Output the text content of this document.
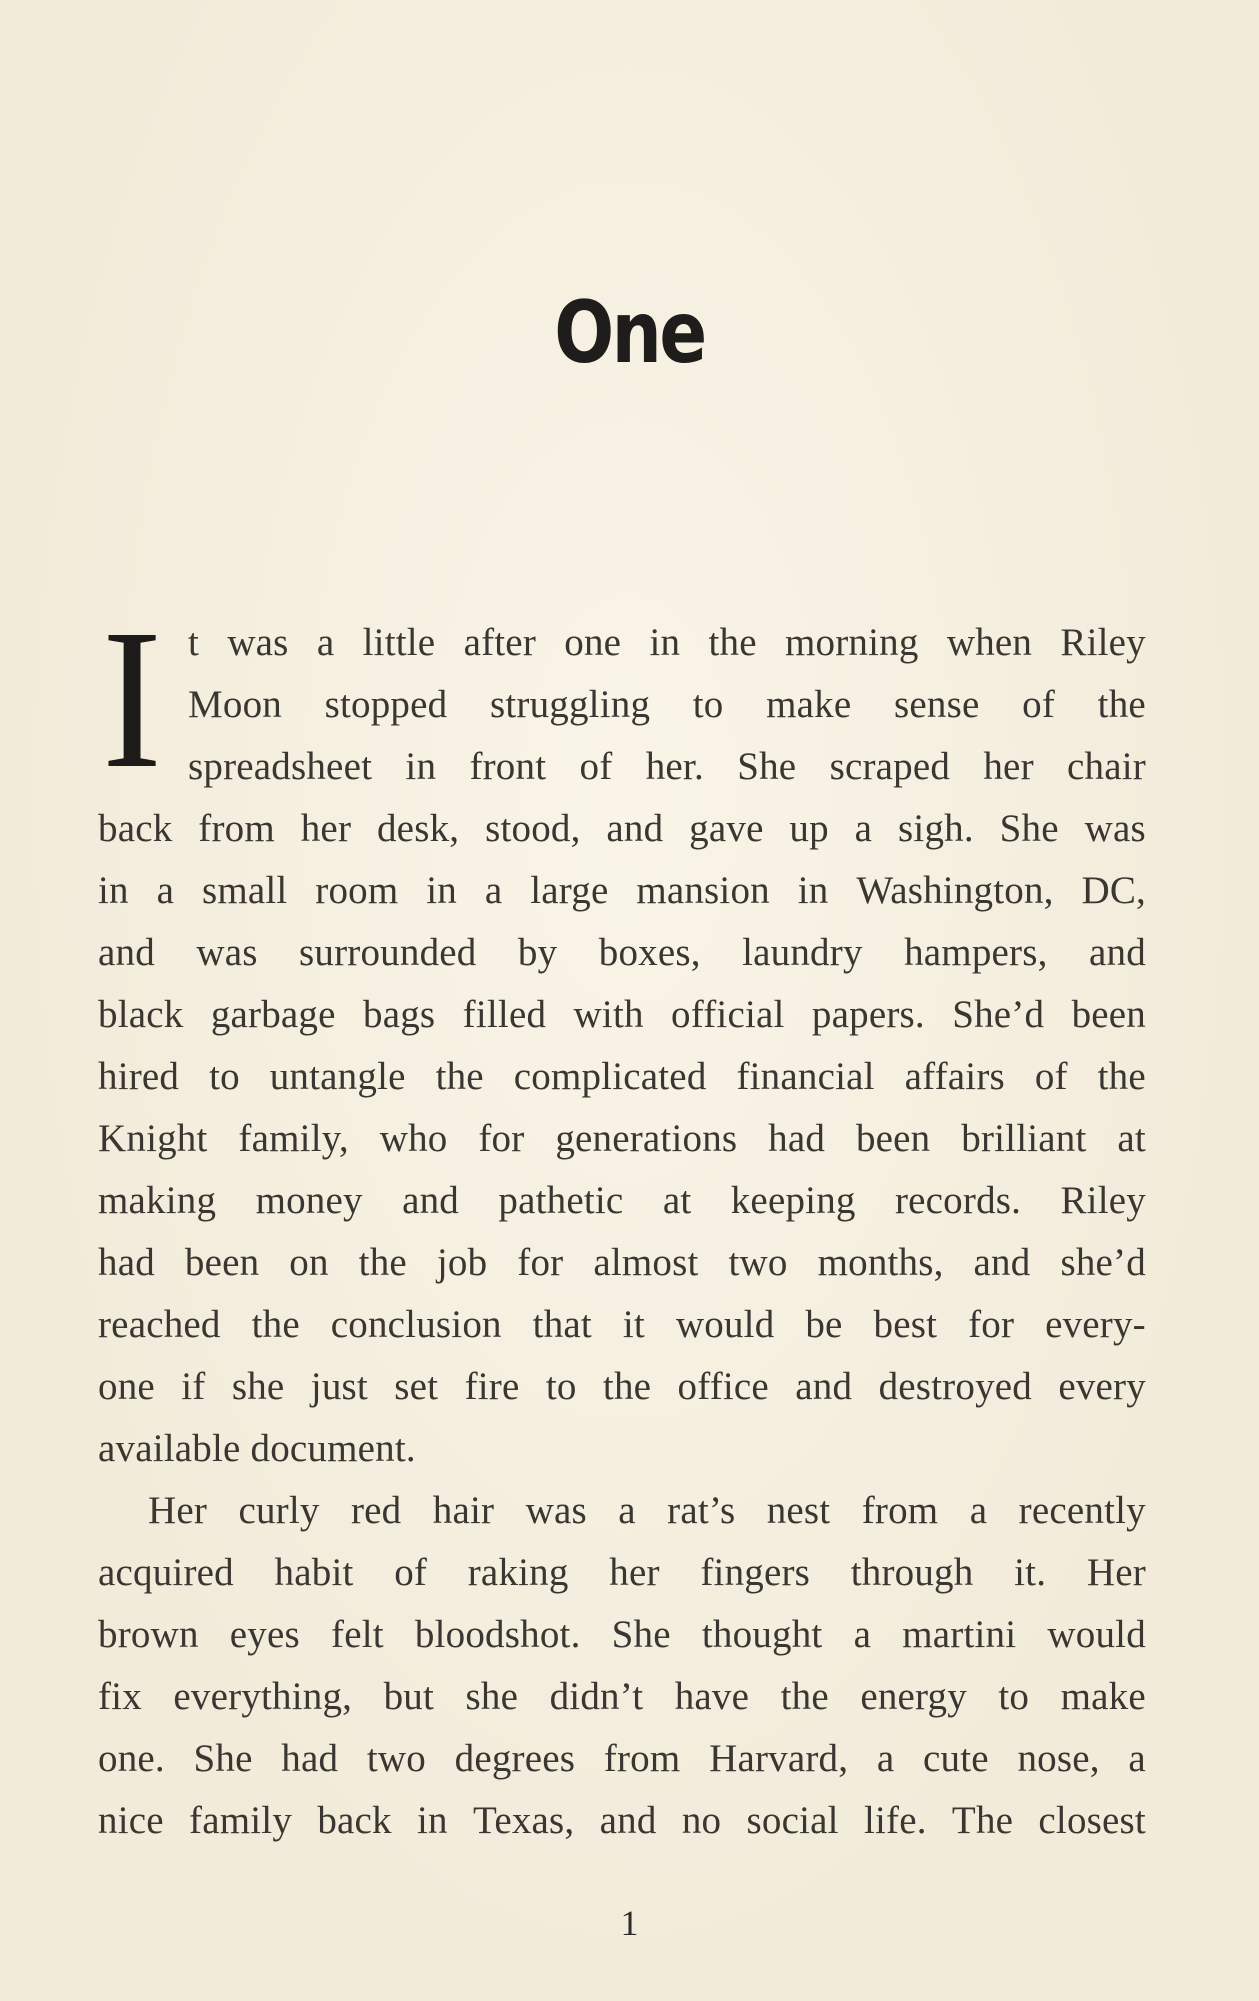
One
I t was a little after one in the morning when Riley
Moon stopped struggling to make sense of the
spreadsheet in front of her. She scraped her chair
back from her desk, stood, and gave up a sigh. She was
in a small room in a large mansion in Washington, DC,
and was surrounded by boxes, laundry hampers, and
black garbage bags filled with official papers. She’d been
hired to untangle the complicated financial affairs of the
Knight family, who for generations had been brilliant at
making money and pathetic at keeping records. Riley
had been on the job for almost two months, and she’d
reached the conclusion that it would be best for every-
one if she just set fire to the office and destroyed every
available document.
Her curly red hair was a rat’s nest from a recently
acquired habit of raking her fingers through it. Her
brown eyes felt bloodshot. She thought a martini would
fix everything, but she didn’t have the energy to make
one. She had two degrees from Harvard, a cute nose, a
nice family back in Texas, and no social life. The closest
1
